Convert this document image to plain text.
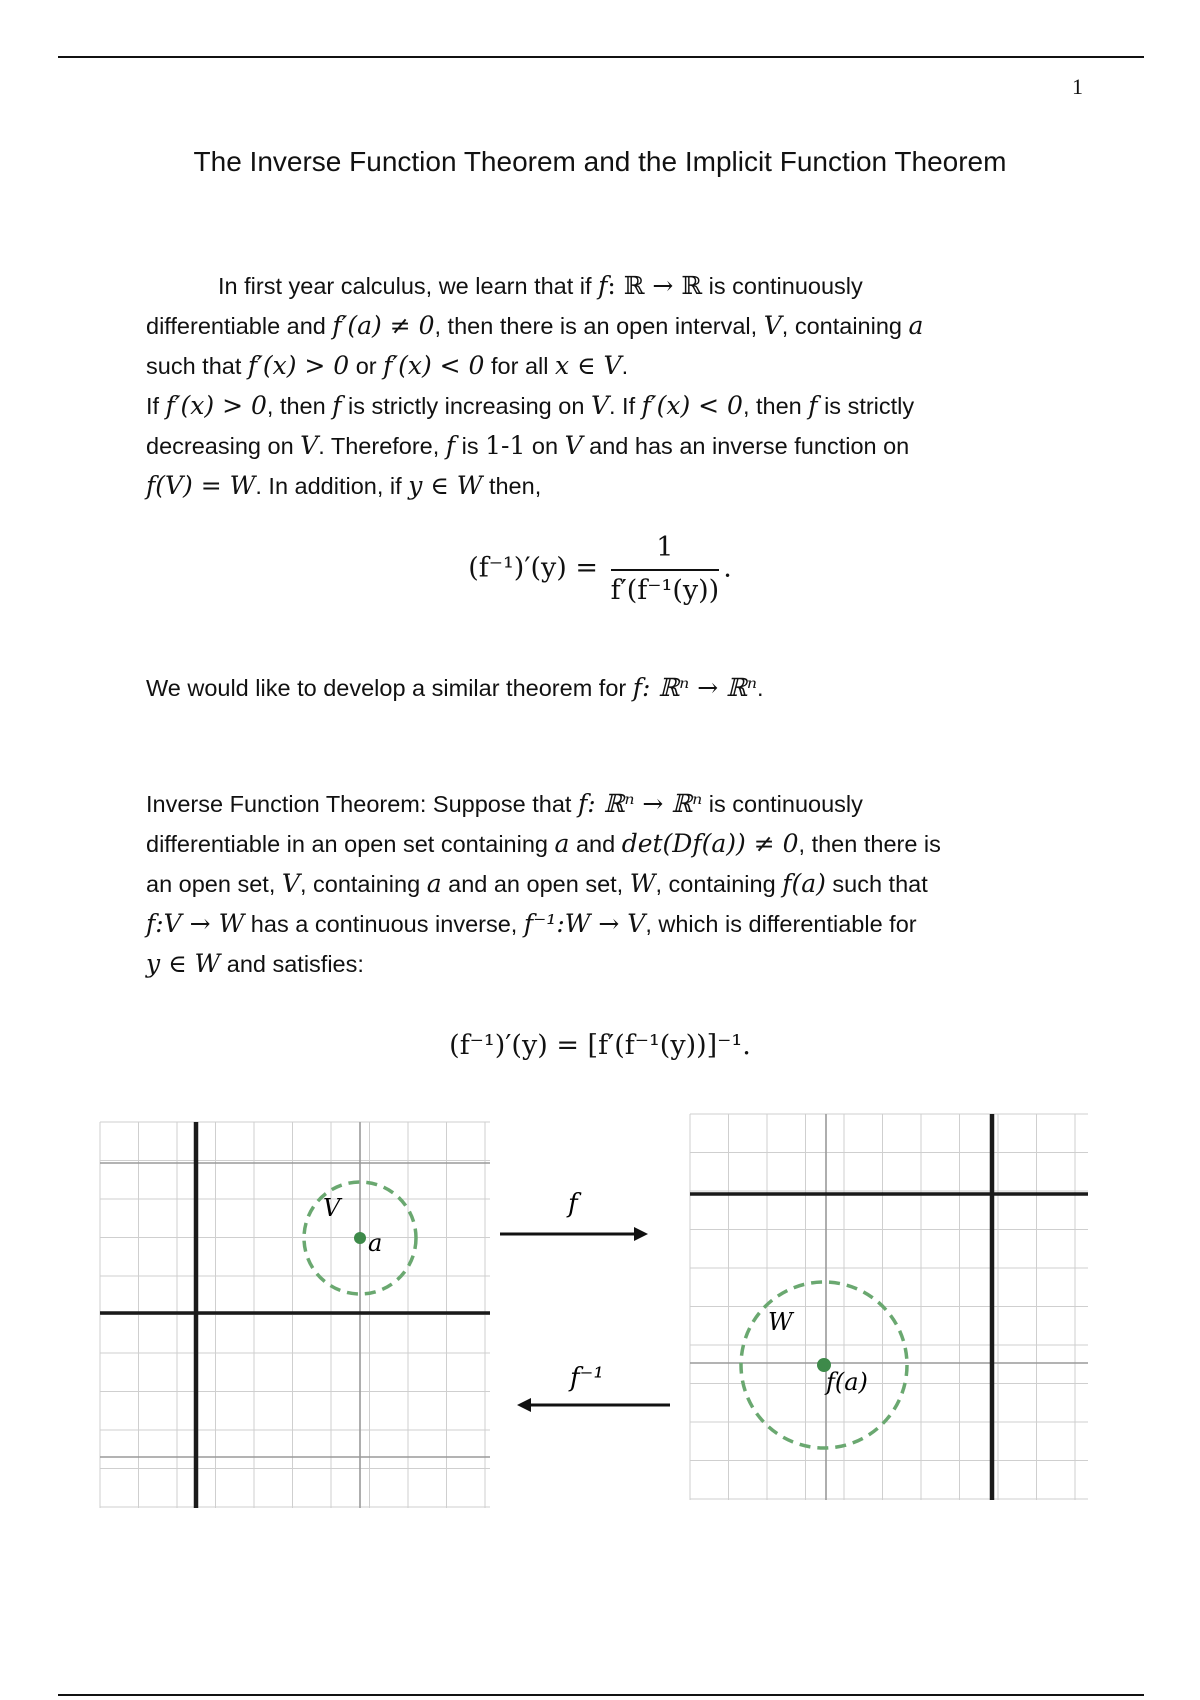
1
The Inverse Function Theorem and the Implicit Function Theorem
In first year calculus, we learn that if f: ℝ → ℝ is continuously
differentiable and f′(a) ≠ 0, then there is an open interval, V, containing a
such that f′(x) > 0 or f′(x) < 0 for all x ∈ V.
If f′(x) > 0, then f is strictly increasing on V. If f′(x) < 0, then f is strictly
decreasing on V. Therefore, f is 1-1 on V and has an inverse function on
f(V) = W. In addition, if y ∈ W then,
$(f^{-1})'(y) = \frac{1}{\text{f′(f⁻¹(y))}}$ .
We would like to develop a similar theorem for f: ℝⁿ → ℝⁿ.
Inverse Function Theorem: Suppose that f: ℝⁿ → ℝⁿ is continuously
differentiable in an open set containing a and det(Df(a)) ≠ 0, then there is
an open set, V, containing a and an open set, W, containing f(a) such that
f:V → W has a continuous inverse, f⁻¹:W → V, which is differentiable for
y ∈ W and satisfies:
(f⁻¹)′(y) = [f′(f⁻¹(y))]⁻¹.
V
a
f
f⁻¹
W
f(a)
